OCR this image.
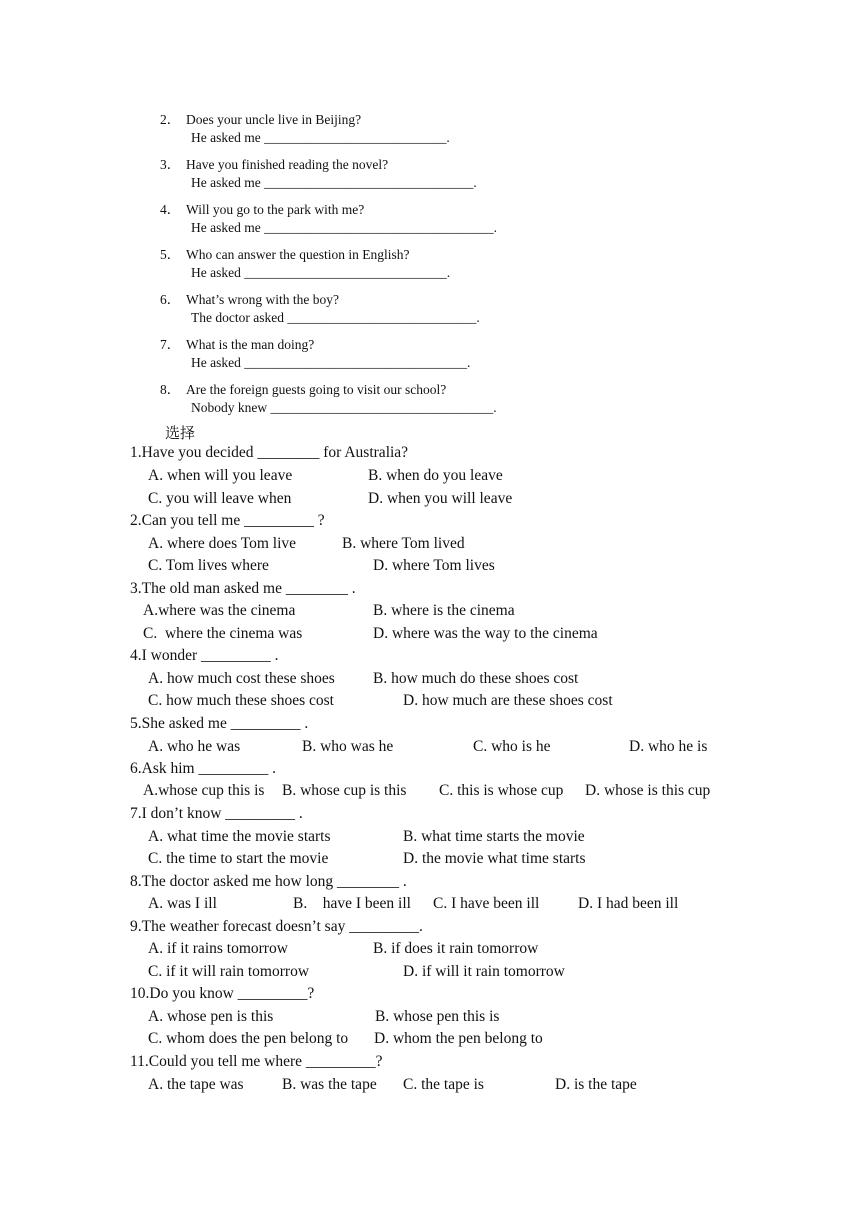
2． Does your uncle live in Beijing?
He asked me ___________________________.
3． Have you finished reading the novel?
He asked me _______________________________.
4． Will you go to the park with me?
He asked me __________________________________.
5． Who can answer the question in English?
He asked ______________________________.
6． What’s wrong with the boy?
The doctor asked ____________________________.
7． What is the man doing?
He asked _________________________________.
8． Are the foreign guests going to visit our school?
Nobody knew _________________________________.
选择
1.Have you decided ________ for Australia?
A. when will you leave	B. when do you leave
C. you will leave when	D. when you will leave
2.Can you tell me _________ ?
A. where does Tom live	B. where Tom lived
C. Tom lives where	D. where Tom lives
3.The old man asked me ________ .
A.where was the cinema	B. where is the cinema
C.  where the cinema was	D. where was the way to the cinema
4.I wonder _________ .
A. how much cost these shoes B. how much do these shoes cost
C. how much these shoes cost	D. how much are these shoes cost
5.She asked me _________ .
A. who he was	B. who was he	C. who is he	D. who he is
6.Ask him _________ .
A.whose cup this is B. whose cup is this C. this is whose cup D. whose is this cup
7.I don’t know _________ .
A. what time the movie starts	B. what time starts the movie
C. the time to start the movie	D. the movie what time starts
8.The doctor asked me how long ________ .
A. was I ill	B.    have I been ill C. I have been ill D. I had been ill
9.The weather forecast doesn’t say _________.
A. if it rains tomorrow	B. if does it rain tomorrow
C. if it will rain tomorrow	D. if will it rain tomorrow
10.Do you know _________?
A. whose pen is this	B. whose pen this is
C. whom does the pen belong to D. whom the pen belong to
11.Could you tell me where _________?
A. the tape was B. was the tape C. the tape is	D. is the tape
